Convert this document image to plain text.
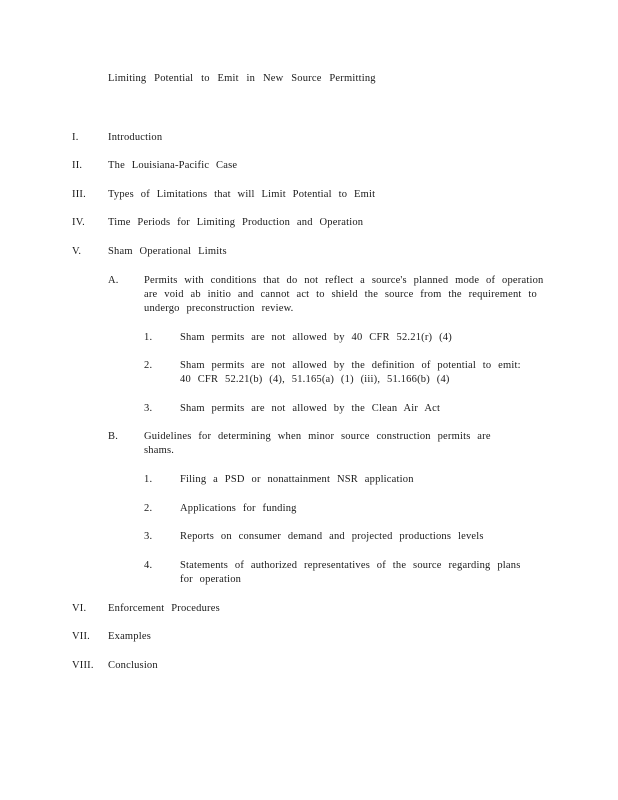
Limiting Potential to Emit in New Source Permitting
I.	Introduction
II. The Louisiana-Pacific Case
III. Types of Limitations that will Limit Potential to Emit
IV. Time Periods for Limiting Production and Operation
V.	Sham Operational Limits
A. Permits with conditions that do not reflect a source's planned mode of operation
are void ab initio and cannot act to shield the source from the requirement to
undergo preconstruction review.
1.	Sham permits are not allowed by 40 CFR 52.21(r) (4)
2.	Sham permits are not allowed by the definition of potential to emit:
40 CFR 52.21(b) (4), 51.165(a) (1) (iii), 51.166(b) (4)
3.	Sham permits are not allowed by the Clean Air Act
B. Guidelines for determining when minor source construction permits are
shams.
1.	Filing a PSD or nonattainment NSR application
2.	Applications for funding
3.	Reports on consumer demand and projected productions levels
4.	Statements of authorized representatives of the source regarding plans
for operation
VI. Enforcement Procedures
VII. Examples
VIII. Conclusion
